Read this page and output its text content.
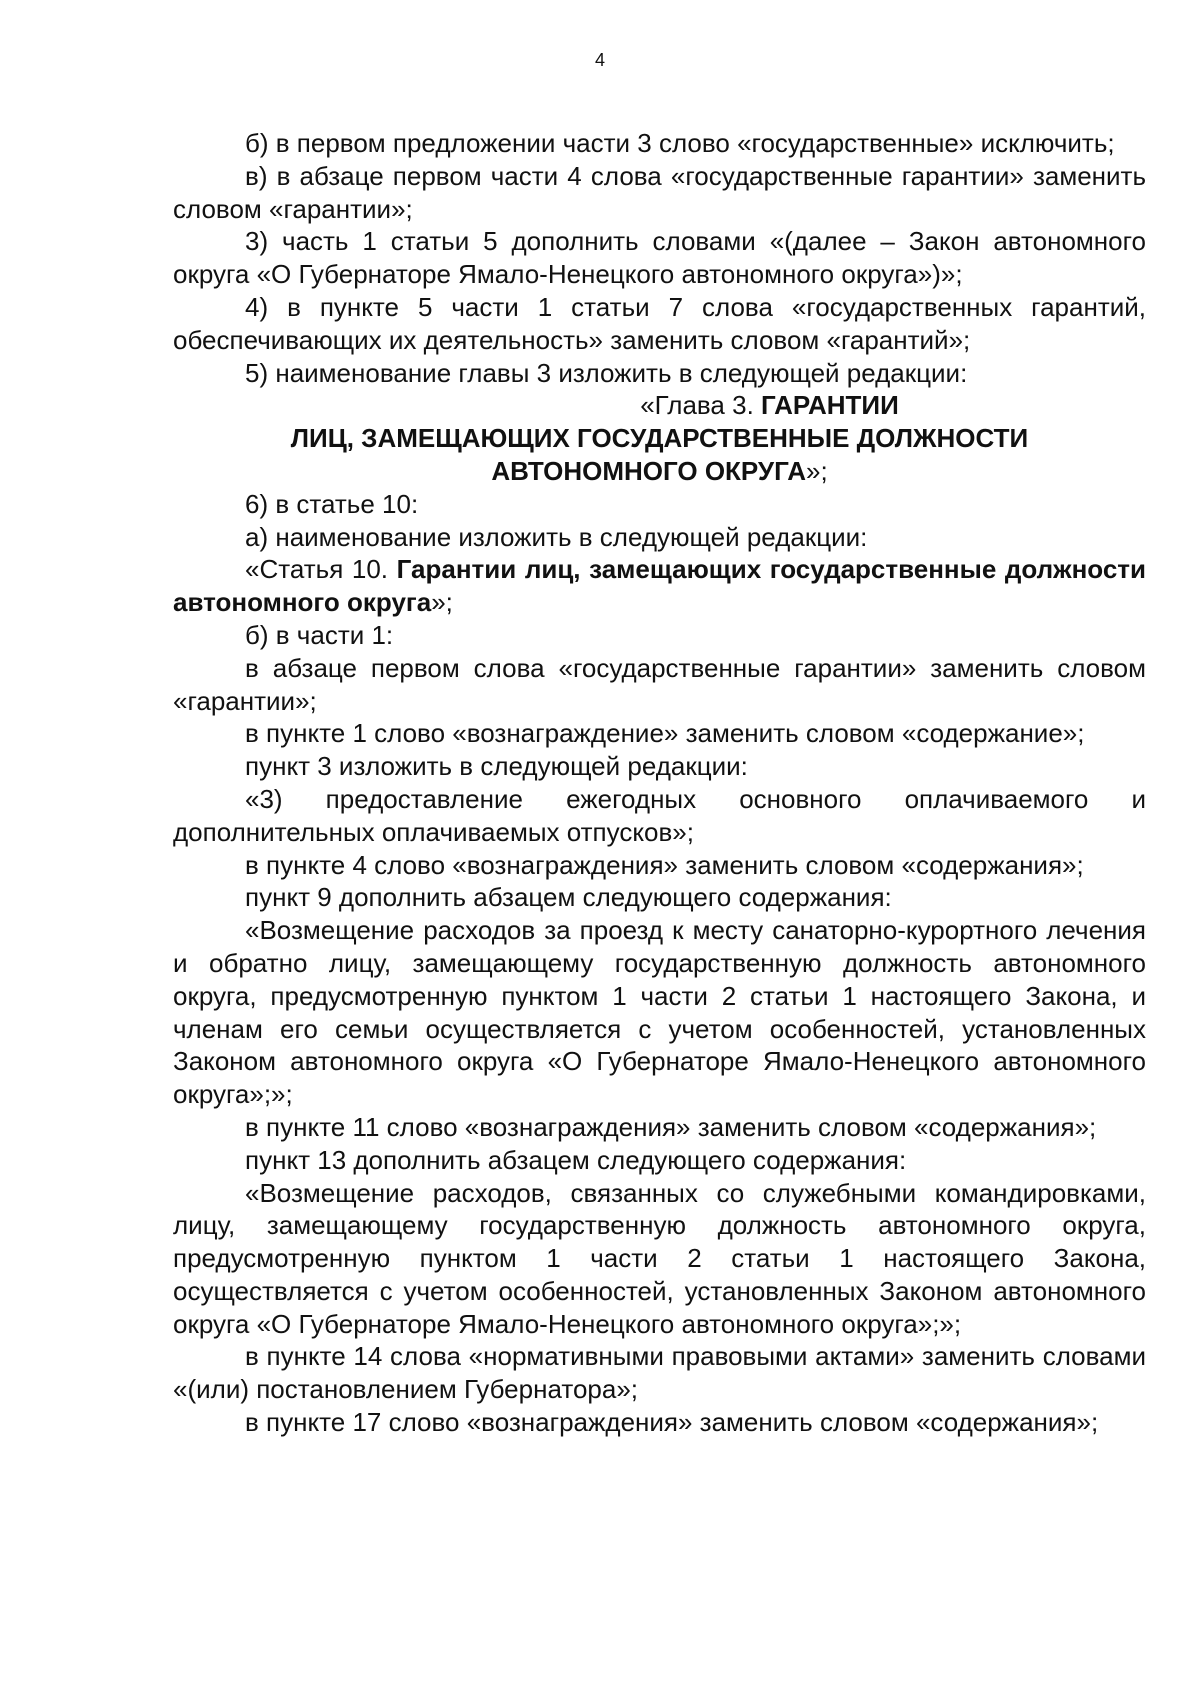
4

б) в первом предложении части 3 слово «государственные» исключить;

в) в абзаце первом части 4 слова «государственные гарантии» заменить словом «гарантии»;

3) часть 1 статьи 5 дополнить словами «(далее – Закон автономного округа «О Губернаторе Ямало-Ненецкого автономного округа»)»;

4) в пункте 5 части 1 статьи 7 слова «государственных гарантий, обеспечивающих их деятельность» заменить словом «гарантий»;

5) наименование главы 3 изложить в следующей редакции:

«Глава 3. ГАРАНТИИ
ЛИЦ, ЗАМЕЩАЮЩИХ ГОСУДАРСТВЕННЫЕ ДОЛЖНОСТИ
АВТОНОМНОГО ОКРУГА»;

6) в статье 10:

а) наименование изложить в следующей редакции:

«Статья 10. Гарантии лиц, замещающих государственные должности автономного округа»;

б) в части 1:

в абзаце первом слова «государственные гарантии» заменить словом «гарантии»;

в пункте 1 слово «вознаграждение» заменить словом «содержание»;

пункт 3 изложить в следующей редакции:

«3) предоставление ежегодных основного оплачиваемого и дополнительных оплачиваемых отпусков»;

в пункте 4 слово «вознаграждения» заменить словом «содержания»;

пункт 9 дополнить абзацем следующего содержания:

«Возмещение расходов за проезд к месту санаторно-курортного лечения и обратно лицу, замещающему государственную должность автономного округа, предусмотренную пунктом 1 части 2 статьи 1 настоящего Закона, и членам его семьи осуществляется с учетом особенностей, установленных Законом автономного округа «О Губернаторе Ямало-Ненецкого автономного округа»;»;

в пункте 11 слово «вознаграждения» заменить словом «содержания»;

пункт 13 дополнить абзацем следующего содержания:

«Возмещение расходов, связанных со служебными командировками, лицу, замещающему государственную должность автономного округа, предусмотренную пунктом 1 части 2 статьи 1 настоящего Закона, осуществляется с учетом особенностей, установленных Законом автономного округа «О Губернаторе Ямало-Ненецкого автономного округа»;»;

в пункте 14 слова «нормативными правовыми актами» заменить словами «(или) постановлением Губернатора»;

в пункте 17 слово «вознаграждения» заменить словом «содержания»;
